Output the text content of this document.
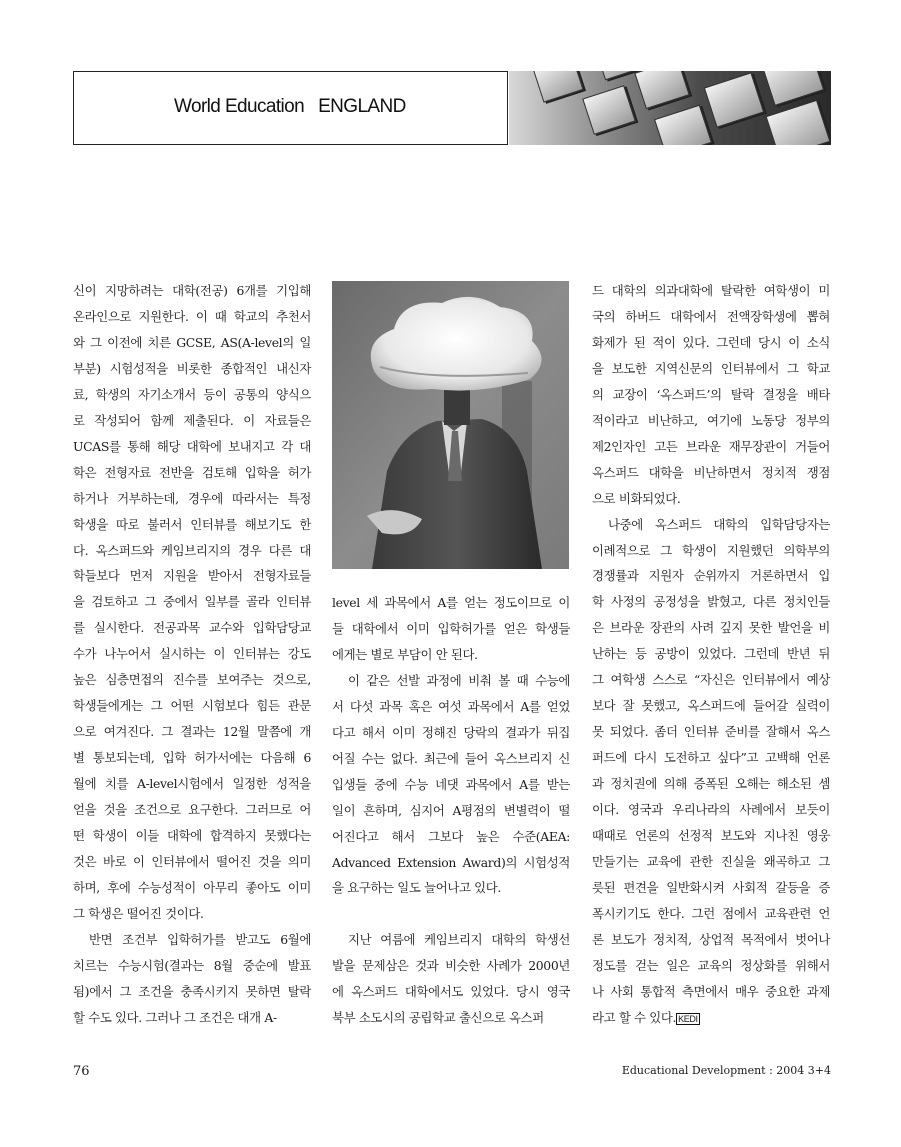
World Education   ENGLAND

신이 지망하려는 대학(전공) 6개를 기입해

온라인으로 지원한다. 이 때 학교의 추천서

와 그 이전에 치른 GCSE, AS(A-level의 일

부분) 시험성적을 비롯한 종합적인 내신자

료, 학생의 자기소개서 등이 공통의 양식으

로 작성되어 함께 제출된다. 이 자료들은

UCAS를 통해 해당 대학에 보내지고 각 대

학은 전형자료 전반을 검토해 입학을 허가

하거나 거부하는데, 경우에 따라서는 특정

학생을 따로 불러서 인터뷰를 해보기도 한

다. 옥스퍼드와 케임브리지의 경우 다른 대

학들보다 먼저 지원을 받아서 전형자료들

을 검토하고 그 중에서 일부를 골라 인터뷰

를 실시한다. 전공과목 교수와 입학담당교

수가 나누어서 실시하는 이 인터뷰는 강도

높은 심층면접의 진수를 보여주는 것으로,

학생들에게는 그 어떤 시험보다 힘든 관문

으로 여겨진다. 그 결과는 12월 말쯤에 개

별 통보되는데, 입학 허가서에는 다음해 6

월에 치를 A-level시험에서 일정한 성적을

얻을 것을 조건으로 요구한다. 그러므로 어

떤 학생이 이들 대학에 합격하지 못했다는

것은 바로 이 인터뷰에서 떨어진 것을 의미

하며, 후에 수능성적이 아무리 좋아도 이미

그 학생은 떨어진 것이다.

반면 조건부 입학허가를 받고도 6월에

치르는 수능시험(결과는 8월 중순에 발표

됨)에서 그 조건을 충족시키지 못하면 탈락

할 수도 있다. 그러나 그 조건은 대개 A-

level 세 과목에서 A를 얻는 정도이므로 이

들 대학에서 이미 입학허가를 얻은 학생들

에게는 별로 부담이 안 된다.

이 같은 선발 과정에 비춰 볼 때 수능에

서 다섯 과목 혹은 여섯 과목에서 A를 얻었

다고 해서 이미 정해진 당락의 결과가 뒤집

어질 수는 없다. 최근에 들어 옥스브리지 신

입생들 중에 수능 네댓 과목에서 A를 받는

일이 흔하며, 심지어 A평점의 변별력이 떨

어진다고 해서 그보다 높은 수준(AEA:

Advanced Extension Award)의 시험성적

을 요구하는 일도 늘어나고 있다.

지난 여름에 케임브리지 대학의 학생선

발을 문제삼은 것과 비슷한 사례가 2000년

에 옥스퍼드 대학에서도 있었다. 당시 영국

북부 소도시의 공립학교 출신으로 옥스퍼

드 대학의 의과대학에 탈락한 여학생이 미

국의 하버드 대학에서 전액장학생에 뽑혀

화제가 된 적이 있다. 그런데 당시 이 소식

을 보도한 지역신문의 인터뷰에서 그 학교

의 교장이 ‘옥스퍼드’의 탈락 결정을 배타

적이라고 비난하고, 여기에 노동당 정부의

제2인자인 고든 브라운 재무장관이 거들어

옥스퍼드 대학을 비난하면서 정치적 쟁점

으로 비화되었다.

나중에 옥스퍼드 대학의 입학담당자는

이례적으로 그 학생이 지원했던 의학부의

경쟁률과 지원자 순위까지 거론하면서 입

학 사정의 공정성을 밝혔고, 다른 정치인들

은 브라운 장관의 사려 깊지 못한 발언을 비

난하는 등 공방이 있었다. 그런데 반년 뒤

그 여학생 스스로 “자신은 인터뷰에서 예상

보다 잘 못했고, 옥스퍼드에 들어갈 실력이

못 되었다. 좀더 인터뷰 준비를 잘해서 옥스

퍼드에 다시 도전하고 싶다”고 고백해 언론

과 정치권에 의해 증폭된 오해는 해소된 셈

이다. 영국과 우리나라의 사례에서 보듯이

때때로 언론의 선정적 보도와 지나친 영웅

만들기는 교육에 관한 진실을 왜곡하고 그

릇된 편견을 일반화시켜 사회적 갈등을 증

폭시키기도 한다. 그런 점에서 교육관련 언

론 보도가 정치적, 상업적 목적에서 벗어나

정도를 걷는 일은 교육의 정상화를 위해서

나 사회 통합적 측면에서 매우 중요한 과제

라고 할 수 있다. KEDI

76	Educational Development : 2004 3+4
